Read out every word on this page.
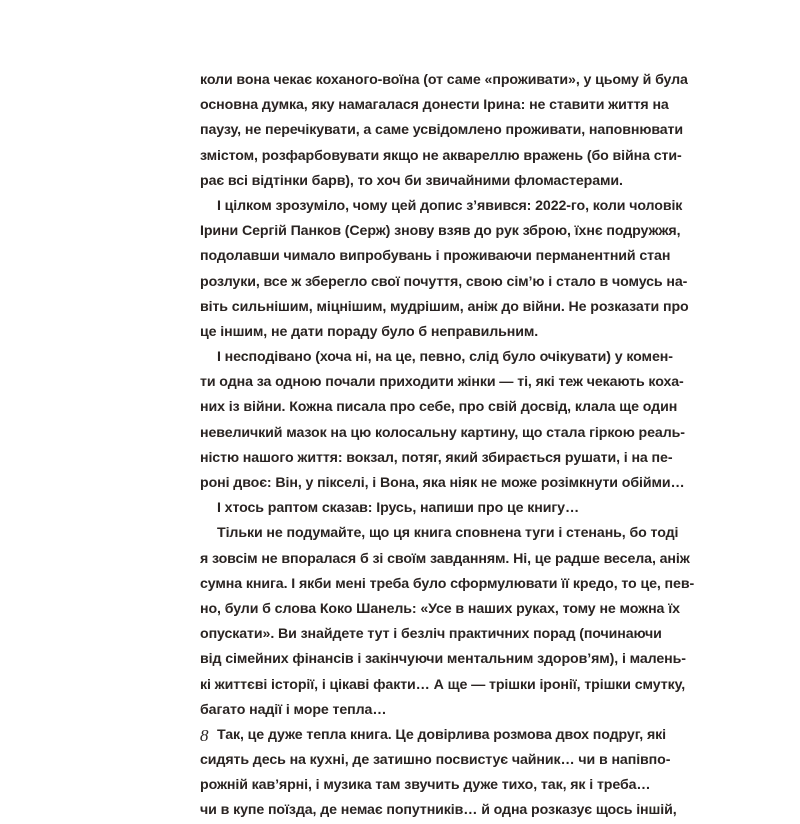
коли вона чекає коханого-воїна (от саме «проживати», у цьому й була
основна думка, яку намагалася донести Ірина: не ставити життя на
паузу, не перечікувати, а саме усвідомлено проживати, наповнювати
змістом, розфарбовувати якщо не аквареллю вражень (бо війна сти-
рає всі відтінки барв), то хоч би звичайними фломастерами.
І цілком зрозуміло, чому цей допис з’явився: 2022-го, коли чоловік
Ірини Сергій Панков (Серж) знову взяв до рук зброю, їхнє подружжя,
подолавши чимало випробувань і проживаючи перманентний стан
розлуки, все ж зберегло свої почуття, свою сім’ю і стало в чомусь на-
віть сильнішим, міцнішим, мудрішим, аніж до війни. Не розказати про
це іншим, не дати пораду було б неправильним.
І несподівано (хоча ні, на це, певно, слід було очікувати) у комен-
ти одна за одною почали приходити жінки — ті, які теж чекають коха-
них із війни. Кожна писала про себе, про свій досвід, клала ще один
невеличкий мазок на цю колосальну картину, що стала гіркою реаль-
ністю нашого життя: вокзал, потяг, який збирається рушати, і на пе-
роні двоє: Він, у пікселі, і Вона, яка ніяк не може розімкнути обійми…
І хтось раптом сказав: Ірусь, напиши про це книгу…
Тільки не подумайте, що ця книга сповнена туги і стенань, бо тоді
я зовсім не впоралася б зі своїм завданням. Ні, це радше весела, аніж
сумна книга. І якби мені треба було сформулювати її кредо, то це, пев-
но, були б слова Коко Шанель: «Усе в наших руках, тому не можна їх
опускати». Ви знайдете тут і безліч практичних порад (починаючи
від сімейних фінансів і закінчуючи ментальним здоров’ям), і малень-
кі життєві історії, і цікаві факти… А ще — трішки іронії, трішки смутку,
багато надії і море тепла…
Так, це дуже тепла книга. Це довірлива розмова двох подруг, які
сидять десь на кухні, де затишно посвистує чайник… чи в напівпо-
рожній кав’ярні, і музика там звучить дуже тихо, так, як і треба…
чи в купе поїзда, де немає попутників… й одна розказує щось іншій,
8
